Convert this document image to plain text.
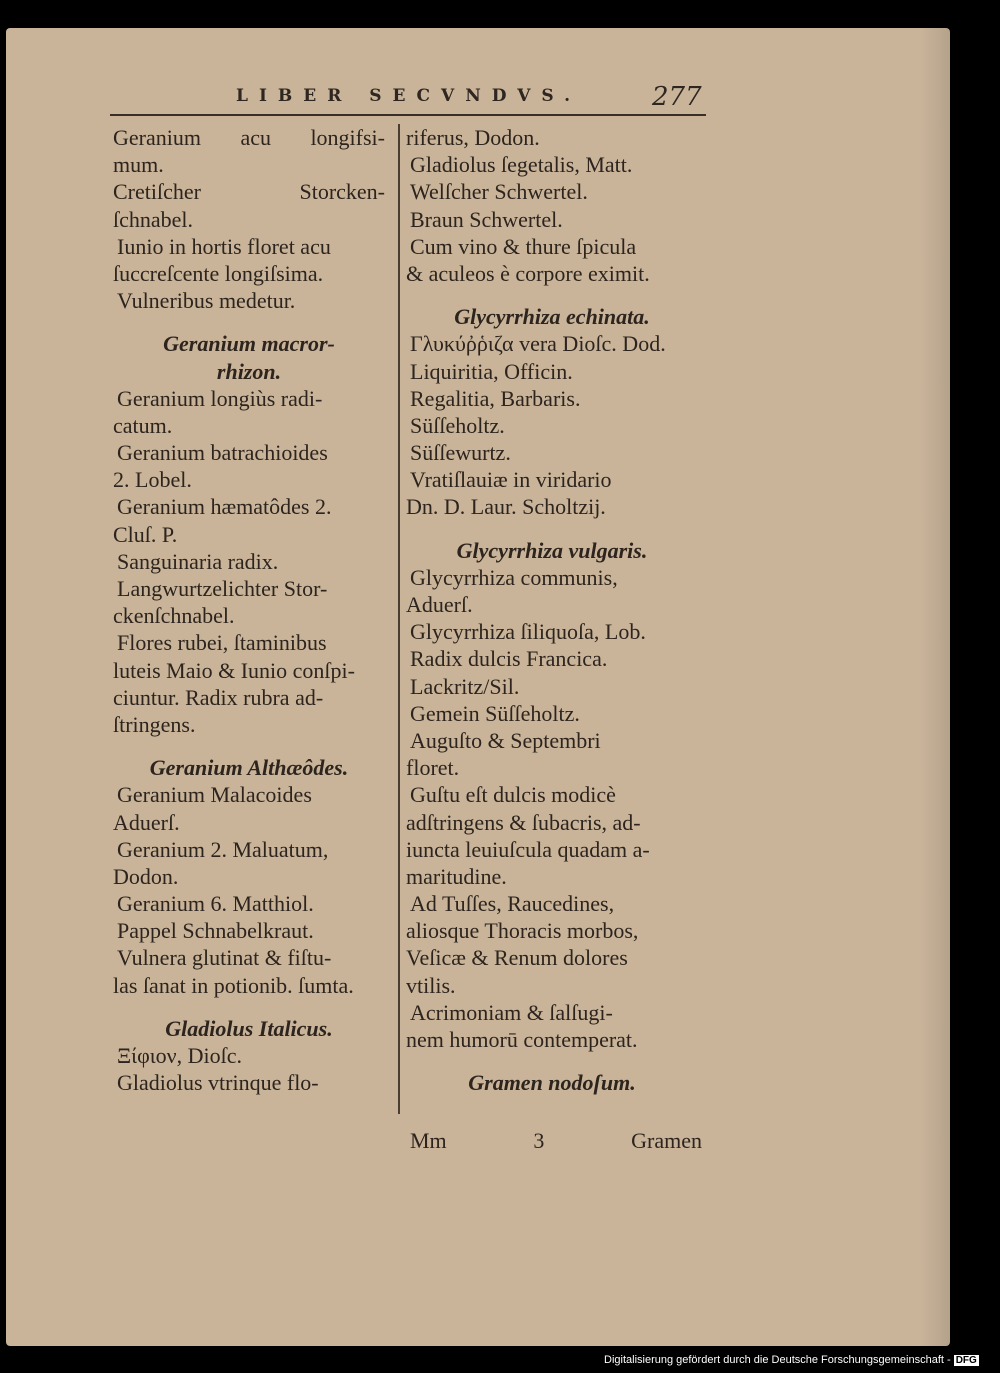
LIBER SECVNDVS.	277
Geranium acu longifsi-
mum.
Cretiſcher	Storcken-
ſchnabel.
Iunio in hortis floret acu
ſuccreſcente longiſsima.
Vulneribus medetur.
Geranium macror-
rhizon.
Geranium longiùs radi-
catum.
Geranium batrachioides
2. Lobel.
Geranium hæmatôdes 2.
Cluſ. P.
Sanguinaria radix.
Langwurtzelichter Stor-
ckenſchnabel.
Flores rubei, ſtaminibus
luteis Maio & Iunio conſpi-
ciuntur. Radix rubra ad-
ſtringens.
Geranium Althæôdes.
Geranium Malacoides
Aduerſ.
Geranium 2. Maluatum,
Dodon.
Geranium 6. Matthiol.
Pappel Schnabelkraut.
Vulnera glutinat & fiſtu-
las ſanat in potionib. ſumta.
Gladiolus Italicus.
Ξίφιον, Dioſc.
Gladiolus vtrinque flo-
riferus, Dodon.
Gladiolus ſegetalis, Matt.
Welſcher Schwertel.
Braun Schwertel.
Cum vino & thure ſpicula
& aculeos è corpore eximit.
Glycyrrhiza echinata.
Γλυκύῤῥιζα vera Dioſc. Dod.
Liquiritia, Officin.
Regalitia, Barbaris.
Süſſeholtz.
Süſſewurtz.
Vratiſlauiæ in viridario
Dn. D. Laur. Scholtzij.
Glycyrrhiza vulgaris.
Glycyrrhiza communis,
Aduerſ.
Glycyrrhiza ſiliquoſa, Lob.
Radix dulcis Francica.
Lackritz/Sil.
Gemein Süſſeholtz.
Auguſto & Septembri
floret.
Guſtu eſt dulcis modicè
adſtringens & ſubacris, ad-
iuncta leuiuſcula quadam a-
maritudine.
Ad Tuſſes, Raucedines,
aliosque Thoracis morbos,
Veſicæ & Renum dolores
vtilis.
Acrimoniam & ſalſugi-
nem humorū contemperat.
Gramen nodoſum.
Mm	3	Gramen
Digitalisierung gefördert durch die Deutsche Forschungsgemeinschaft - DFG
